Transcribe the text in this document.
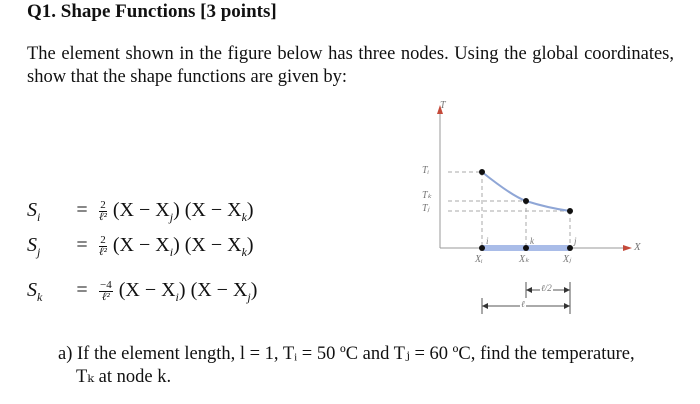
Q1. Shape Functions [3 points]
The element shown in the figure below has three nodes. Using the global coordinates, show that the shape functions are given by:
$S_i = \frac{2}{\text{ℓ²}} (X - X_j) (X - X_k)$
$S_j = \frac{2}{\text{ℓ²}} (X - X_i) (X - X_k)$
$S_k = \frac{-4}{\text{ℓ²}} (X - X_i) (X - X_j)$
T
X
Tᵢ
Tₖ
Tⱼ
i	k	j
Xᵢ	Xₖ	Xⱼ
ℓ/2
ℓ
a) If the element length, l = 1, Tᵢ = 50 ºC and Tⱼ = 60 ºC, find the temperature,
Tₖ at node k.
